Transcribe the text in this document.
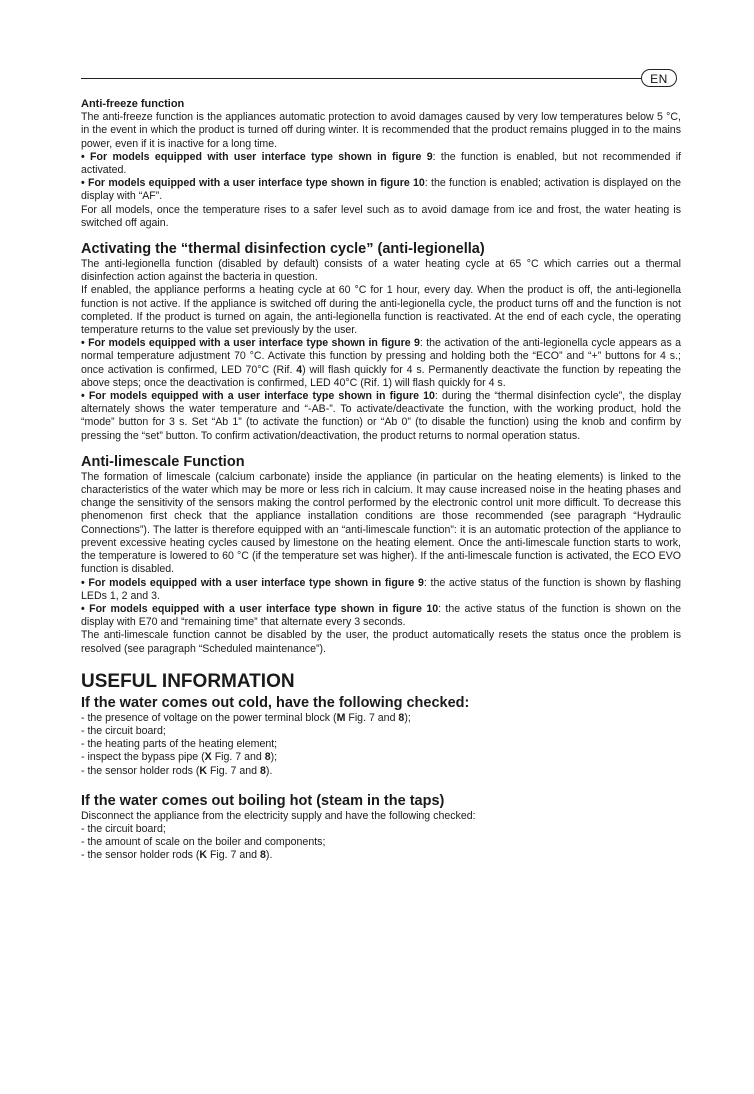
EN

Anti-freeze function

The anti-freeze function is the appliances automatic protection to avoid damages caused by very low temperatures below 5 °C, in the event in which the product is turned off during winter. It is recommended that the product remains plugged in to the mains power, even if it is inactive for a long time.

• For models equipped with user interface type shown in figure 9: the function is enabled, but not recommended if activated.

• For models equipped with a user interface type shown in figure 10: the function is enabled; activation is displayed on the display with “AF”.

For all models, once the temperature rises to a safer level such as to avoid damage from ice and frost, the water heating is switched off again.

Activating the “thermal disinfection cycle” (anti-legionella)

The anti-legionella function (disabled by default) consists of a water heating cycle at 65 °C which carries out a thermal disinfection action against the bacteria in question.

If enabled, the appliance performs a heating cycle at 60 °C for 1 hour, every day. When the product is off, the anti-legionella function is not active. If the appliance is switched off during the anti-legionella cycle, the product turns off and the function is not completed. If the product is turned on again, the anti-legionella function is reactivated. At the end of each cycle, the operating temperature returns to the value set previously by the user.

• For models equipped with a user interface type shown in figure 9: the activation of the anti-legionella cycle appears as a normal temperature adjustment 70 °C. Activate this function by pressing and holding both the “ECO” and “+” buttons for 4 s.; once activation is confirmed, LED 70°C (Rif. 4) will flash quickly for 4 s. Permanently deactivate the function by repeating the above steps; once the deactivation is confirmed, LED 40°C (Rif. 1) will flash quickly for 4 s.

• For models equipped with a user interface type shown in figure 10: during the “thermal disinfection cycle”, the display alternately shows the water temperature and “-AB-”. To activate/deactivate the function, with the working product, hold the “mode” button for 3 s. Set “Ab 1” (to activate the function) or “Ab 0” (to disable the function) using the knob and confirm by pressing the “set” button. To confirm activation/deactivation, the product returns to normal operation status.

Anti-limescale Function

The formation of limescale (calcium carbonate) inside the appliance (in particular on the heating elements) is linked to the characteristics of the water which may be more or less rich in calcium. It may cause increased noise in the heating phases and change the sensitivity of the sensors making the control performed by the electronic control unit more difficult. To decrease this phenomenon first check that the appliance installation conditions are those recommended (see paragraph “Hydraulic Connections”). The latter is therefore equipped with an “anti-limescale function”: it is an automatic protection of the appliance to prevent excessive heating cycles caused by limestone on the heating element. Once the anti-limescale function starts to work, the temperature is lowered to 60 °C (if the temperature set was higher). If the anti-limescale function is activated, the ECO EVO function is disabled.

• For models equipped with a user interface type shown in figure 9: the active status of the function is shown by flashing LEDs 1, 2 and 3.

• For models equipped with a user interface type shown in figure 10: the active status of the function is shown on the display with E70 and “remaining time” that alternate every 3 seconds.

The anti-limescale function cannot be disabled by the user, the product automatically resets the status once the problem is resolved (see paragraph “Scheduled maintenance”).

USEFUL INFORMATION

If the water comes out cold, have the following checked:

- the presence of voltage on the power terminal block (M Fig. 7 and 8);

- the circuit board;

- the heating parts of the heating element;

- inspect the bypass pipe (X Fig. 7 and 8);

- the sensor holder rods (K Fig. 7 and 8).

If the water comes out boiling hot (steam in the taps)

Disconnect the appliance from the electricity supply and have the following checked:

- the circuit board;

- the amount of scale on the boiler and components;

- the sensor holder rods (K Fig. 7 and 8).
